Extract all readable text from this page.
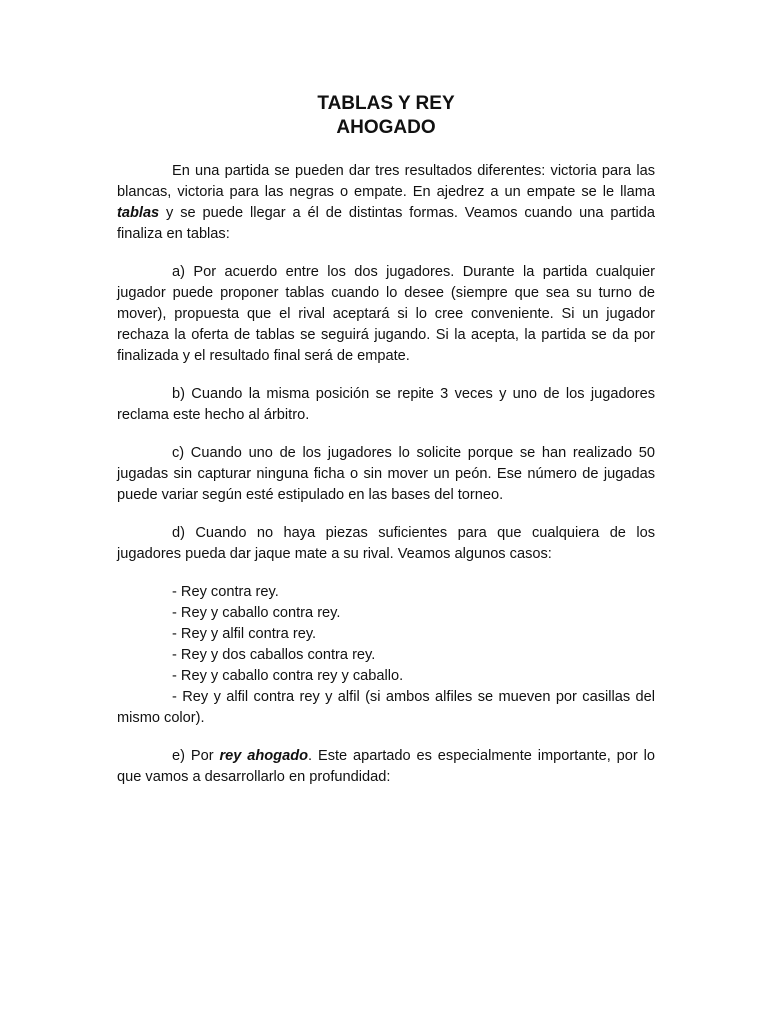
TABLAS Y REY
AHOGADO

En una partida se pueden dar tres resultados diferentes: victoria para las blancas, victoria para las negras o empate. En ajedrez a un empate se le llama tablas y se puede llegar a él de distintas formas. Veamos cuando una partida finaliza en tablas:

a) Por acuerdo entre los dos jugadores. Durante la partida cualquier jugador puede proponer tablas cuando lo desee (siempre que sea su turno de mover), propuesta que el rival aceptará si lo cree conveniente. Si un jugador rechaza la oferta de tablas se seguirá jugando. Si la acepta, la partida se da por finalizada y el resultado final será de empate.

b) Cuando la misma posición se repite 3 veces y uno de los jugadores reclama este hecho al árbitro.

c) Cuando uno de los jugadores lo solicite porque se han realizado 50 jugadas sin capturar ninguna ficha o sin mover un peón. Ese número de jugadas puede variar según esté estipulado en las bases del torneo.

d) Cuando no haya piezas suficientes para que cualquiera de los jugadores pueda dar jaque mate a su rival. Veamos algunos casos:

- Rey contra rey.
- Rey y caballo contra rey.
- Rey y alfil contra rey.
- Rey y dos caballos contra rey.
- Rey y caballo contra rey y caballo.
- Rey y alfil contra rey y alfil (si ambos alfiles se mueven por casillas del mismo color).

e) Por rey ahogado. Este apartado es especialmente importante, por lo que vamos a desarrollarlo en profundidad:
